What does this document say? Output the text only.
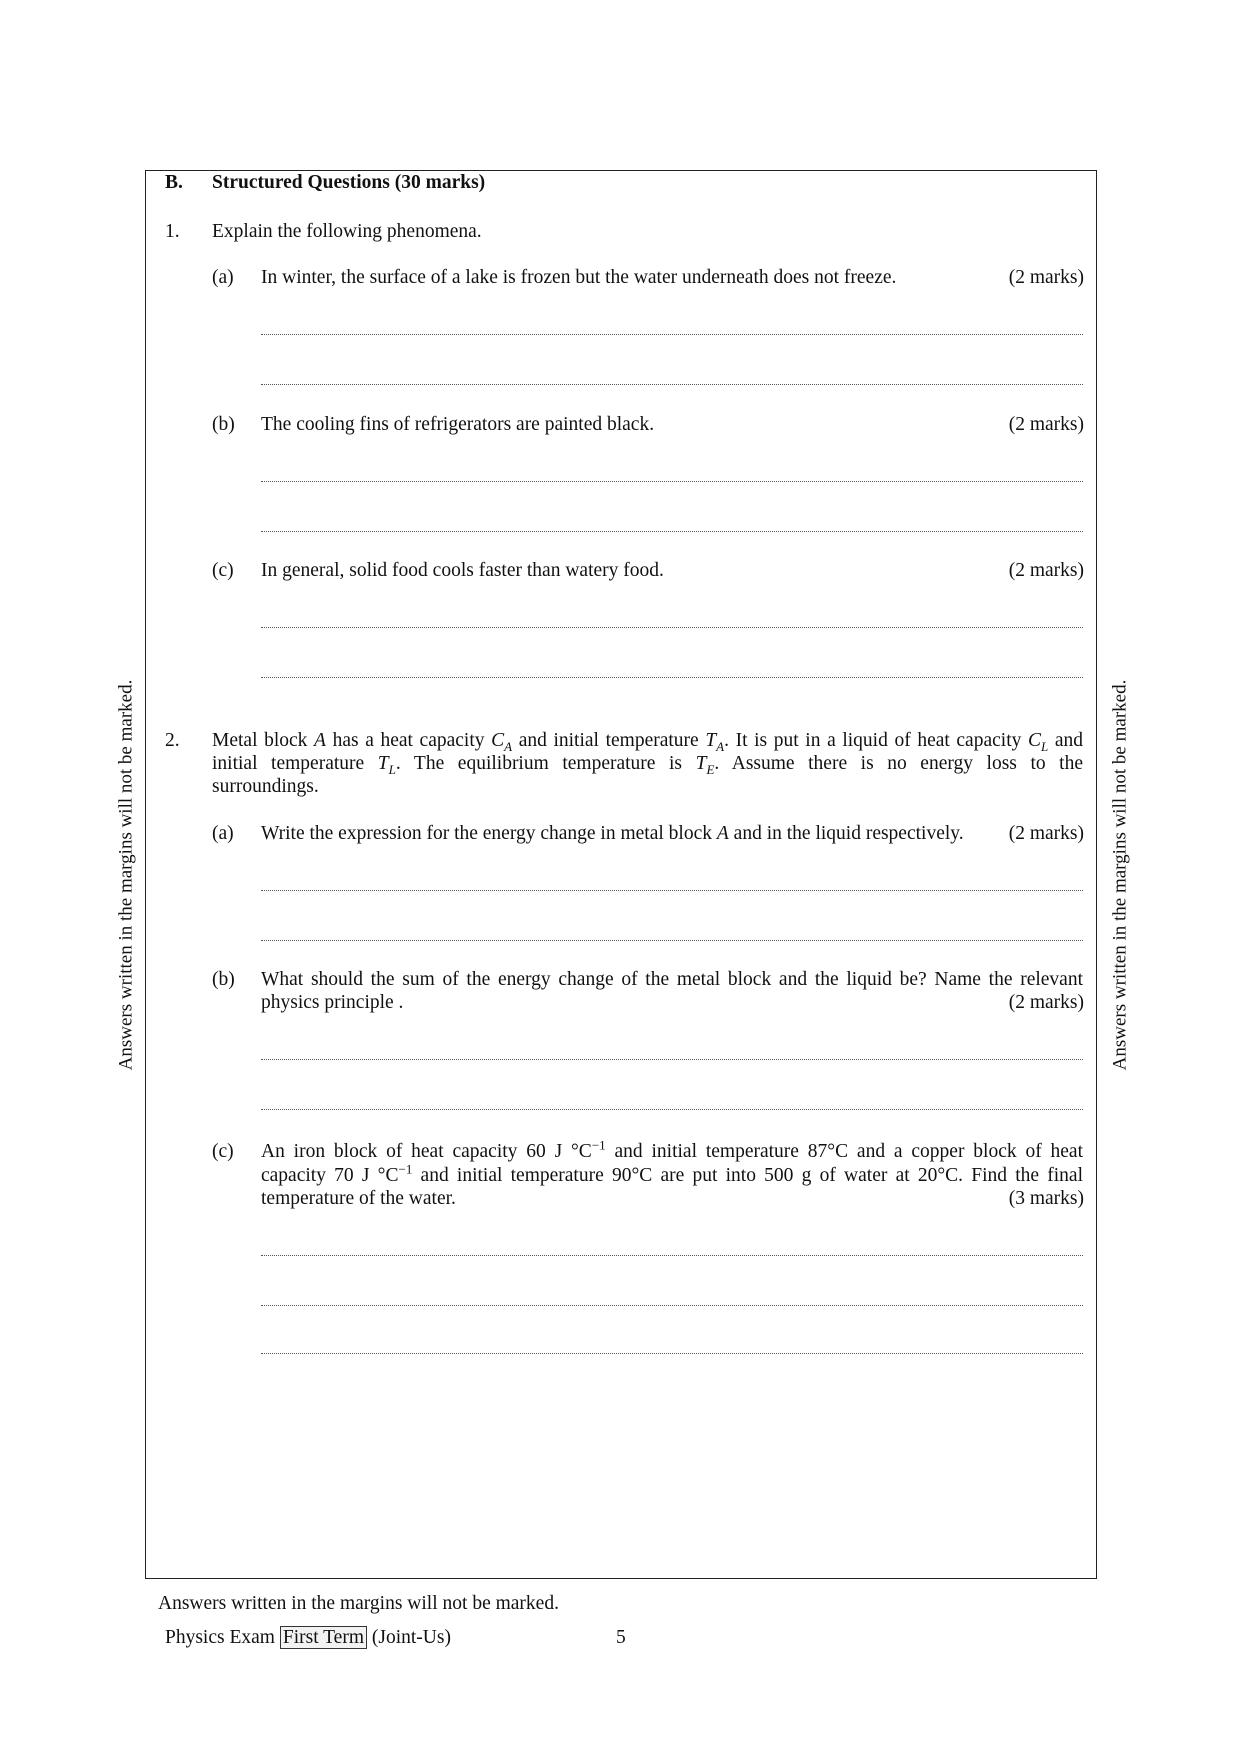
Answers written in the margins will not be marked.	Answers written in the margins will not be marked.
B. Structured Questions (30 marks)
1. Explain the following phenomena.
(a) In winter, the surface of a lake is frozen but the water underneath does not freeze.	(2 marks)
(b) The cooling fins of refrigerators are painted black.	(2 marks)
(c) In general, solid food cools faster than watery food.	(2 marks)
2. Metal block A has a heat capacity $C_A$ and initial temperature $T_A$. It is put in a liquid of heat capacity $C_L$ and
initial temperature $T_L$. The equilibrium temperature is $T_E$. Assume there is no energy loss to the
surroundings.
(a) Write the expression for the energy change in metal block A and in the liquid respectively.	(2 marks)
(b) What should the sum of the energy change of the metal block and the liquid be? Name the relevant
physics principle .	(2 marks)
(c) An iron block of heat capacity 60 J $^\circ C^{-1}$ and initial temperature 87°C and a copper block of heat
capacity 70 J $^\circ C^{-1}$ and initial temperature 90°C are put into 500 g of water at 20°C. Find the final
temperature of the water.	(3 marks)
Answers written in the margins will not be marked.
Physics Exam First Term (Joint-Us)	5
